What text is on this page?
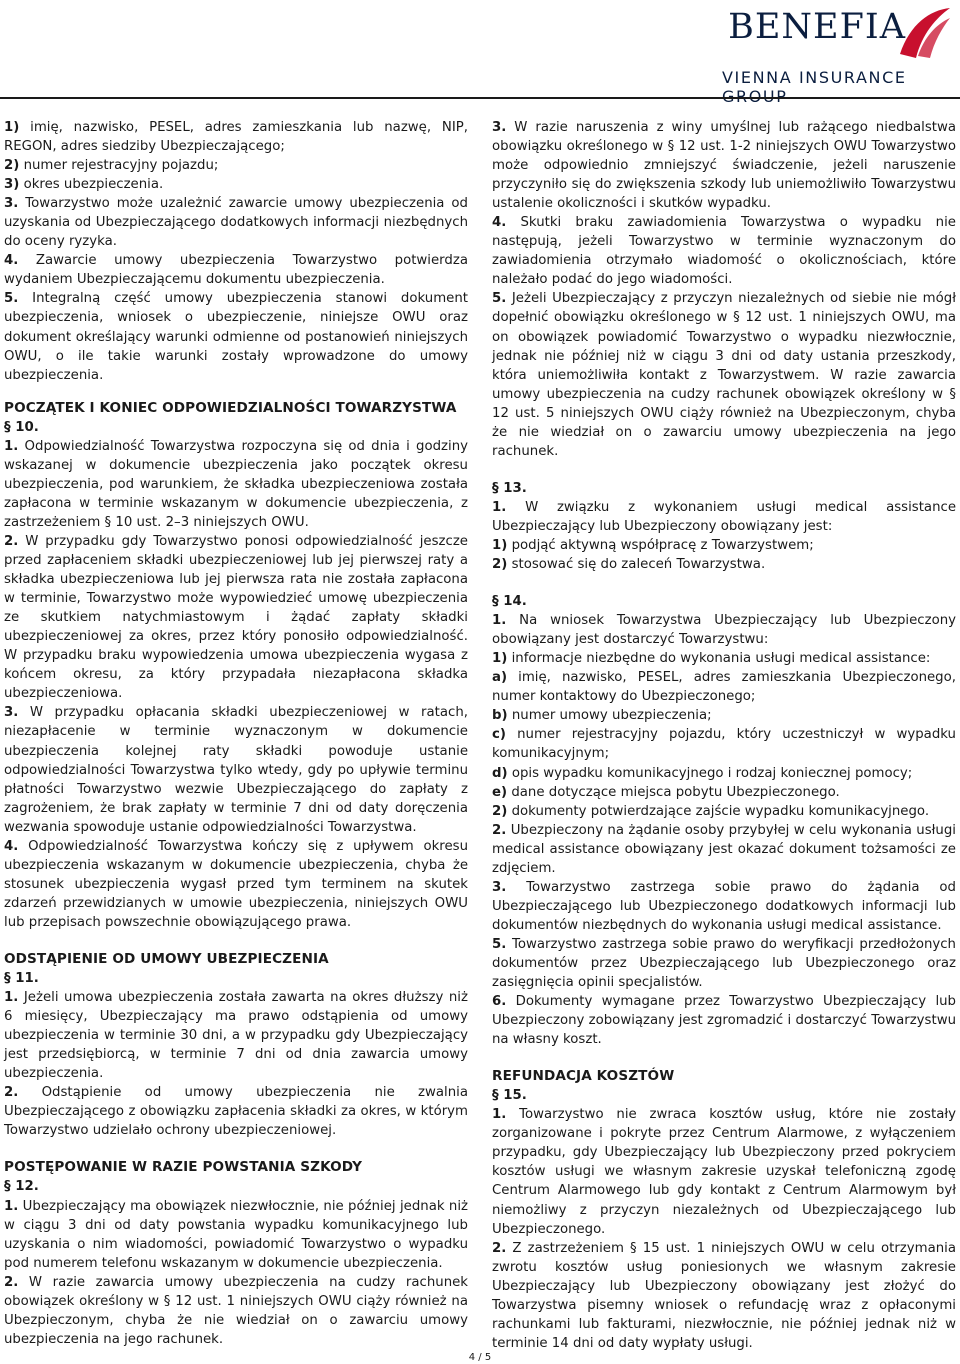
BENEFIA
VIENNA INSURANCE

1) imię, nazwisko, PESEL, adres zamieszkania lub nazwę, NIP, REGON, adres siedziby Ubezpieczającego;

2) numer rejestracyjny pojazdu;

3) okres ubezpieczenia.

3. Towarzystwo może uzależnić zawarcie umowy ubezpieczenia od uzyskania od Ubezpieczającego dodatkowych informacji niezbędnych do oceny ryzyka.

4. Zawarcie umowy ubezpieczenia Towarzystwo potwierdza wydaniem Ubezpieczającemu dokumentu ubezpieczenia.

5. Integralną część umowy ubezpieczenia stanowi dokument ubezpieczenia, wniosek o ubezpieczenie, niniejsze OWU oraz dokument określający warunki odmienne od postanowień niniejszych OWU, o ile takie warunki zostały wprowadzone do umowy ubezpieczenia.

POCZĄTEK I KONIEC ODPOWIEDZIALNOŚCI TOWARZYSTWA
§ 10.

1. Odpowiedzialność Towarzystwa rozpoczyna się od dnia i godziny wskazanej w dokumencie ubezpieczenia jako początek okresu ubezpieczenia, pod warunkiem, że składka ubezpieczeniowa została zapłacona w terminie wskazanym w dokumencie ubezpieczenia, z zastrzeżeniem § 10 ust. 2–3 niniejszych OWU.

2. W przypadku gdy Towarzystwo ponosi odpowiedzialność jeszcze przed zapłaceniem składki ubezpieczeniowej lub jej pierwszej raty a składka ubezpieczeniowa lub jej pierwsza rata nie została zapłacona w terminie, Towarzystwo może wypowiedzieć umowę ubezpieczenia ze skutkiem natychmiastowym i żądać zapłaty składki ubezpieczeniowej za okres, przez który ponosiło odpowiedzialność. W przypadku braku wypowiedzenia umowa ubezpieczenia wygasa z końcem okresu, za który przypadała niezapłacona składka ubezpieczeniowa.

3. W przypadku opłacania składki ubezpieczeniowej w ratach, niezapłacenie w terminie wyznaczonym w dokumencie ubezpieczenia kolejnej raty składki powoduje ustanie odpowiedzialności Towarzystwa tylko wtedy, gdy po upływie terminu płatności Towarzystwo wezwie Ubezpieczającego do zapłaty z zagrożeniem, że brak zapłaty w terminie 7 dni od daty doręczenia wezwania spowoduje ustanie odpowiedzialności Towarzystwa.

4. Odpowiedzialność Towarzystwa kończy się z upływem okresu ubezpieczenia wskazanym w dokumencie ubezpieczenia, chyba że stosunek ubezpieczenia wygasł przed tym terminem na skutek zdarzeń przewidzianych w umowie ubezpieczenia, niniejszych OWU lub przepisach powszechnie obowiązującego prawa.

ODSTĄPIENIE OD UMOWY UBEZPIECZENIA
§ 11.

1. Jeżeli umowa ubezpieczenia została zawarta na okres dłuższy niż 6 miesięcy, Ubezpieczający ma prawo odstąpienia od umowy ubezpieczenia w terminie 30 dni, a w przypadku gdy Ubezpieczający jest przedsiębiorcą, w terminie 7 dni od dnia zawarcia umowy ubezpieczenia.

2. Odstąpienie od umowy ubezpieczenia nie zwalnia Ubezpieczającego z obowiązku zapłacenia składki za okres, w którym Towarzystwo udzielało ochrony ubezpieczeniowej.

POSTĘPOWANIE W RAZIE POWSTANIA SZKODY
§ 12.

1. Ubezpieczający ma obowiązek niezwłocznie, nie później jednak niż w ciągu 3 dni od daty powstania wypadku komunikacyjnego lub uzyskania o nim wiadomości, powiadomić Towarzystwo o wypadku pod numerem telefonu wskazanym w dokumencie ubezpieczenia.

2. W razie zawarcia umowy ubezpieczenia na cudzy rachunek obowiązek określony w § 12 ust. 1 niniejszych OWU ciąży również na Ubezpieczonym, chyba że nie wiedział on o zawarciu umowy ubezpieczenia na jego rachunek.

3. W razie naruszenia z winy umyślnej lub rażącego niedbalstwa obowiązku określonego w § 12 ust. 1-2 niniejszych OWU Towarzystwo może odpowiednio zmniejszyć świadczenie, jeżeli naruszenie przyczyniło się do zwiększenia szkody lub uniemożliwiło Towarzystwu ustalenie okoliczności i skutków wypadku.

4. Skutki braku zawiadomienia Towarzystwa o wypadku nie następują, jeżeli Towarzystwo w terminie wyznaczonym do zawiadomienia otrzymało wiadomość o okolicznościach, które należało podać do jego wiadomości.

5. Jeżeli Ubezpieczający z przyczyn niezależnych od siebie nie mógł dopełnić obowiązku określonego w § 12 ust. 1 niniejszych OWU, ma on obowiązek powiadomić Towarzystwo o wypadku niezwłocznie, jednak nie później niż w ciągu 3 dni od daty ustania przeszkody, która uniemożliwiła kontakt z Towarzystwem. W razie zawarcia umowy ubezpieczenia na cudzy rachunek obowiązek określony w § 12 ust. 5 niniejszych OWU ciąży również na Ubezpieczonym, chyba że nie wiedział on o zawarciu umowy ubezpieczenia na jego rachunek.

§ 13.

1. W związku z wykonaniem usługi medical assistance Ubezpieczający lub Ubezpieczony obowiązany jest:

1) podjąć aktywną współpracę z Towarzystwem;

2) stosować się do zaleceń Towarzystwa.

§ 14.

1. Na wniosek Towarzystwa Ubezpieczający lub Ubezpieczony obowiązany jest dostarczyć Towarzystwu:

1) informacje niezbędne do wykonania usługi medical assistance:

a) imię, nazwisko, PESEL, adres zamieszkania Ubezpieczonego, numer kontaktowy do Ubezpieczonego;

b) numer umowy ubezpieczenia;

c) numer rejestracyjny pojazdu, który uczestniczył w wypadku komunikacyjnym;

d) opis wypadku komunikacyjnego i rodzaj koniecznej pomocy;

e) dane dotyczące miejsca pobytu Ubezpieczonego.

2) dokumenty potwierdzające zajście wypadku komunikacyjnego.

2. Ubezpieczony na żądanie osoby przybyłej w celu wykonania usługi medical assistance obowiązany jest okazać dokument tożsamości ze zdjęciem.

3. Towarzystwo zastrzega sobie prawo do żądania od Ubezpieczającego lub Ubezpieczonego dodatkowych informacji lub dokumentów niezbędnych do wykonania usługi medical assistance.

5. Towarzystwo zastrzega sobie prawo do weryfikacji przedłożonych dokumentów przez Ubezpieczającego lub Ubezpieczonego oraz zasięgnięcia opinii specjalistów.

6. Dokumenty wymagane przez Towarzystwo Ubezpieczający lub Ubezpieczony zobowiązany jest zgromadzić i dostarczyć Towarzystwu na własny koszt.

REFUNDACJA KOSZTÓW
§ 15.

1. Towarzystwo nie zwraca kosztów usług, które nie zostały zorganizowane i pokryte przez Centrum Alarmowe, z wyłączeniem przypadku, gdy Ubezpieczający lub Ubezpieczony przed pokryciem kosztów usługi we własnym zakresie uzyskał telefoniczną zgodę Centrum Alarmowego lub gdy kontakt z Centrum Alarmowym był niemożliwy z przyczyn niezależnych od Ubezpieczającego lub Ubezpieczonego.

2. Z zastrzeżeniem § 15 ust. 1 niniejszych OWU w celu otrzymania zwrotu kosztów usług poniesionych we własnym zakresie Ubezpieczający lub Ubezpieczony obowiązany jest złożyć do Towarzystwa pisemny wniosek o refundację wraz z opłaconymi rachunkami lub fakturami, niezwłocznie, nie później jednak niż w terminie 14 dni od daty wypłaty usługi.

4 / 5
